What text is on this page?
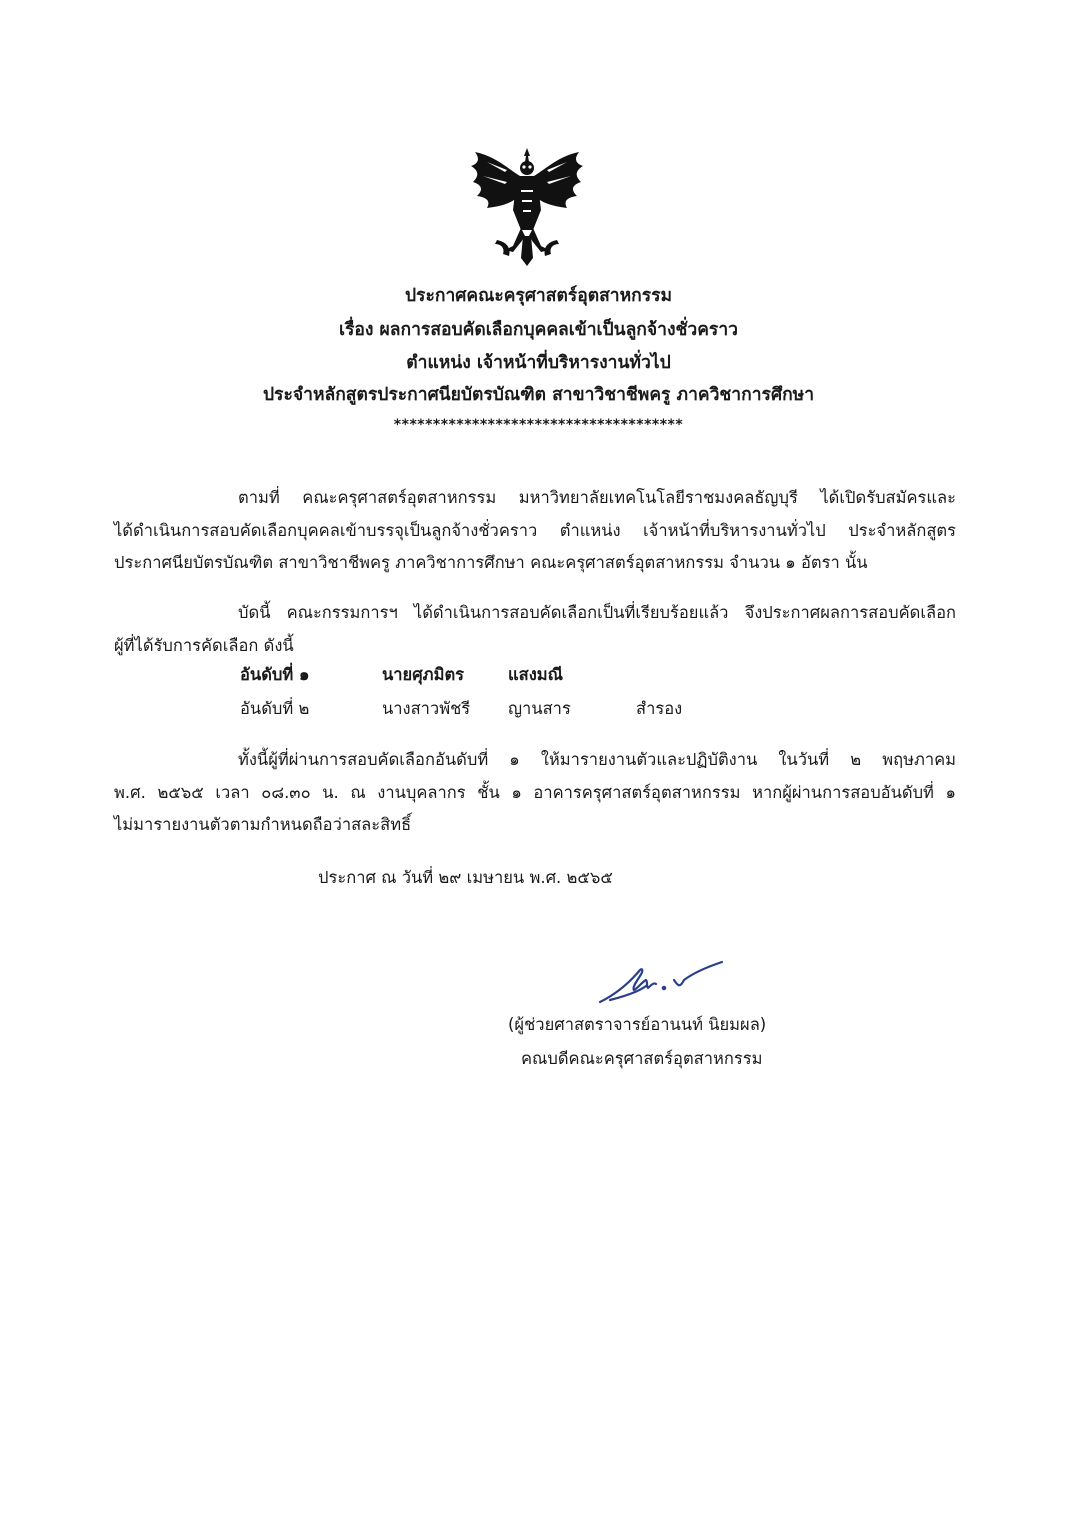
ประกาศคณะครุศาสตร์อุตสาหกรรม
เรื่อง ผลการสอบคัดเลือกบุคคลเข้าเป็นลูกจ้างชั่วคราว
ตำแหน่ง เจ้าหน้าที่บริหารงานทั่วไป
ประจำหลักสูตรประกาศนียบัตรบัณฑิต สาขาวิชาชีพครู ภาควิชาการศึกษา
*************************************
ตามที่ คณะครุศาสตร์อุตสาหกรรม มหาวิทยาลัยเทคโนโลยีราชมงคลธัญบุรี ได้เปิดรับสมัครและ
ได้ดำเนินการสอบคัดเลือกบุคคลเข้าบรรจุเป็นลูกจ้างชั่วคราว ตำแหน่ง เจ้าหน้าที่บริหารงานทั่วไป ประจำหลักสูตร
ประกาศนียบัตรบัณฑิต สาขาวิชาชีพครู ภาควิชาการศึกษา คณะครุศาสตร์อุตสาหกรรม จำนวน ๑ อัตรา นั้น
บัดนี้ คณะกรรมการฯ ได้ดำเนินการสอบคัดเลือกเป็นที่เรียบร้อยแล้ว จึงประกาศผลการสอบคัดเลือก
ผู้ที่ได้รับการคัดเลือก ดังนี้
อันดับที่ ๑	นายศุภมิตร	แสงมณี
อันดับที่ ๒	นางสาวพัชรี ญานสาร	สำรอง
ทั้งนี้ผู้ที่ผ่านการสอบคัดเลือกอันดับที่ ๑ ให้มารายงานตัวและปฏิบัติงาน ในวันที่ ๒ พฤษภาคม
พ.ศ. ๒๕๖๕ เวลา ๐๘.๓๐ น. ณ งานบุคลากร ชั้น ๑ อาคารครุศาสตร์อุตสาหกรรม หากผู้ผ่านการสอบอันดับที่ ๑
ไม่มารายงานตัวตามกำหนดถือว่าสละสิทธิ์
ประกาศ ณ วันที่ ๒๙ เมษายน พ.ศ. ๒๕๖๕
(ผู้ช่วยศาสตราจารย์อานนท์ นิยมผล)
คณบดีคณะครุศาสตร์อุตสาหกรรม
